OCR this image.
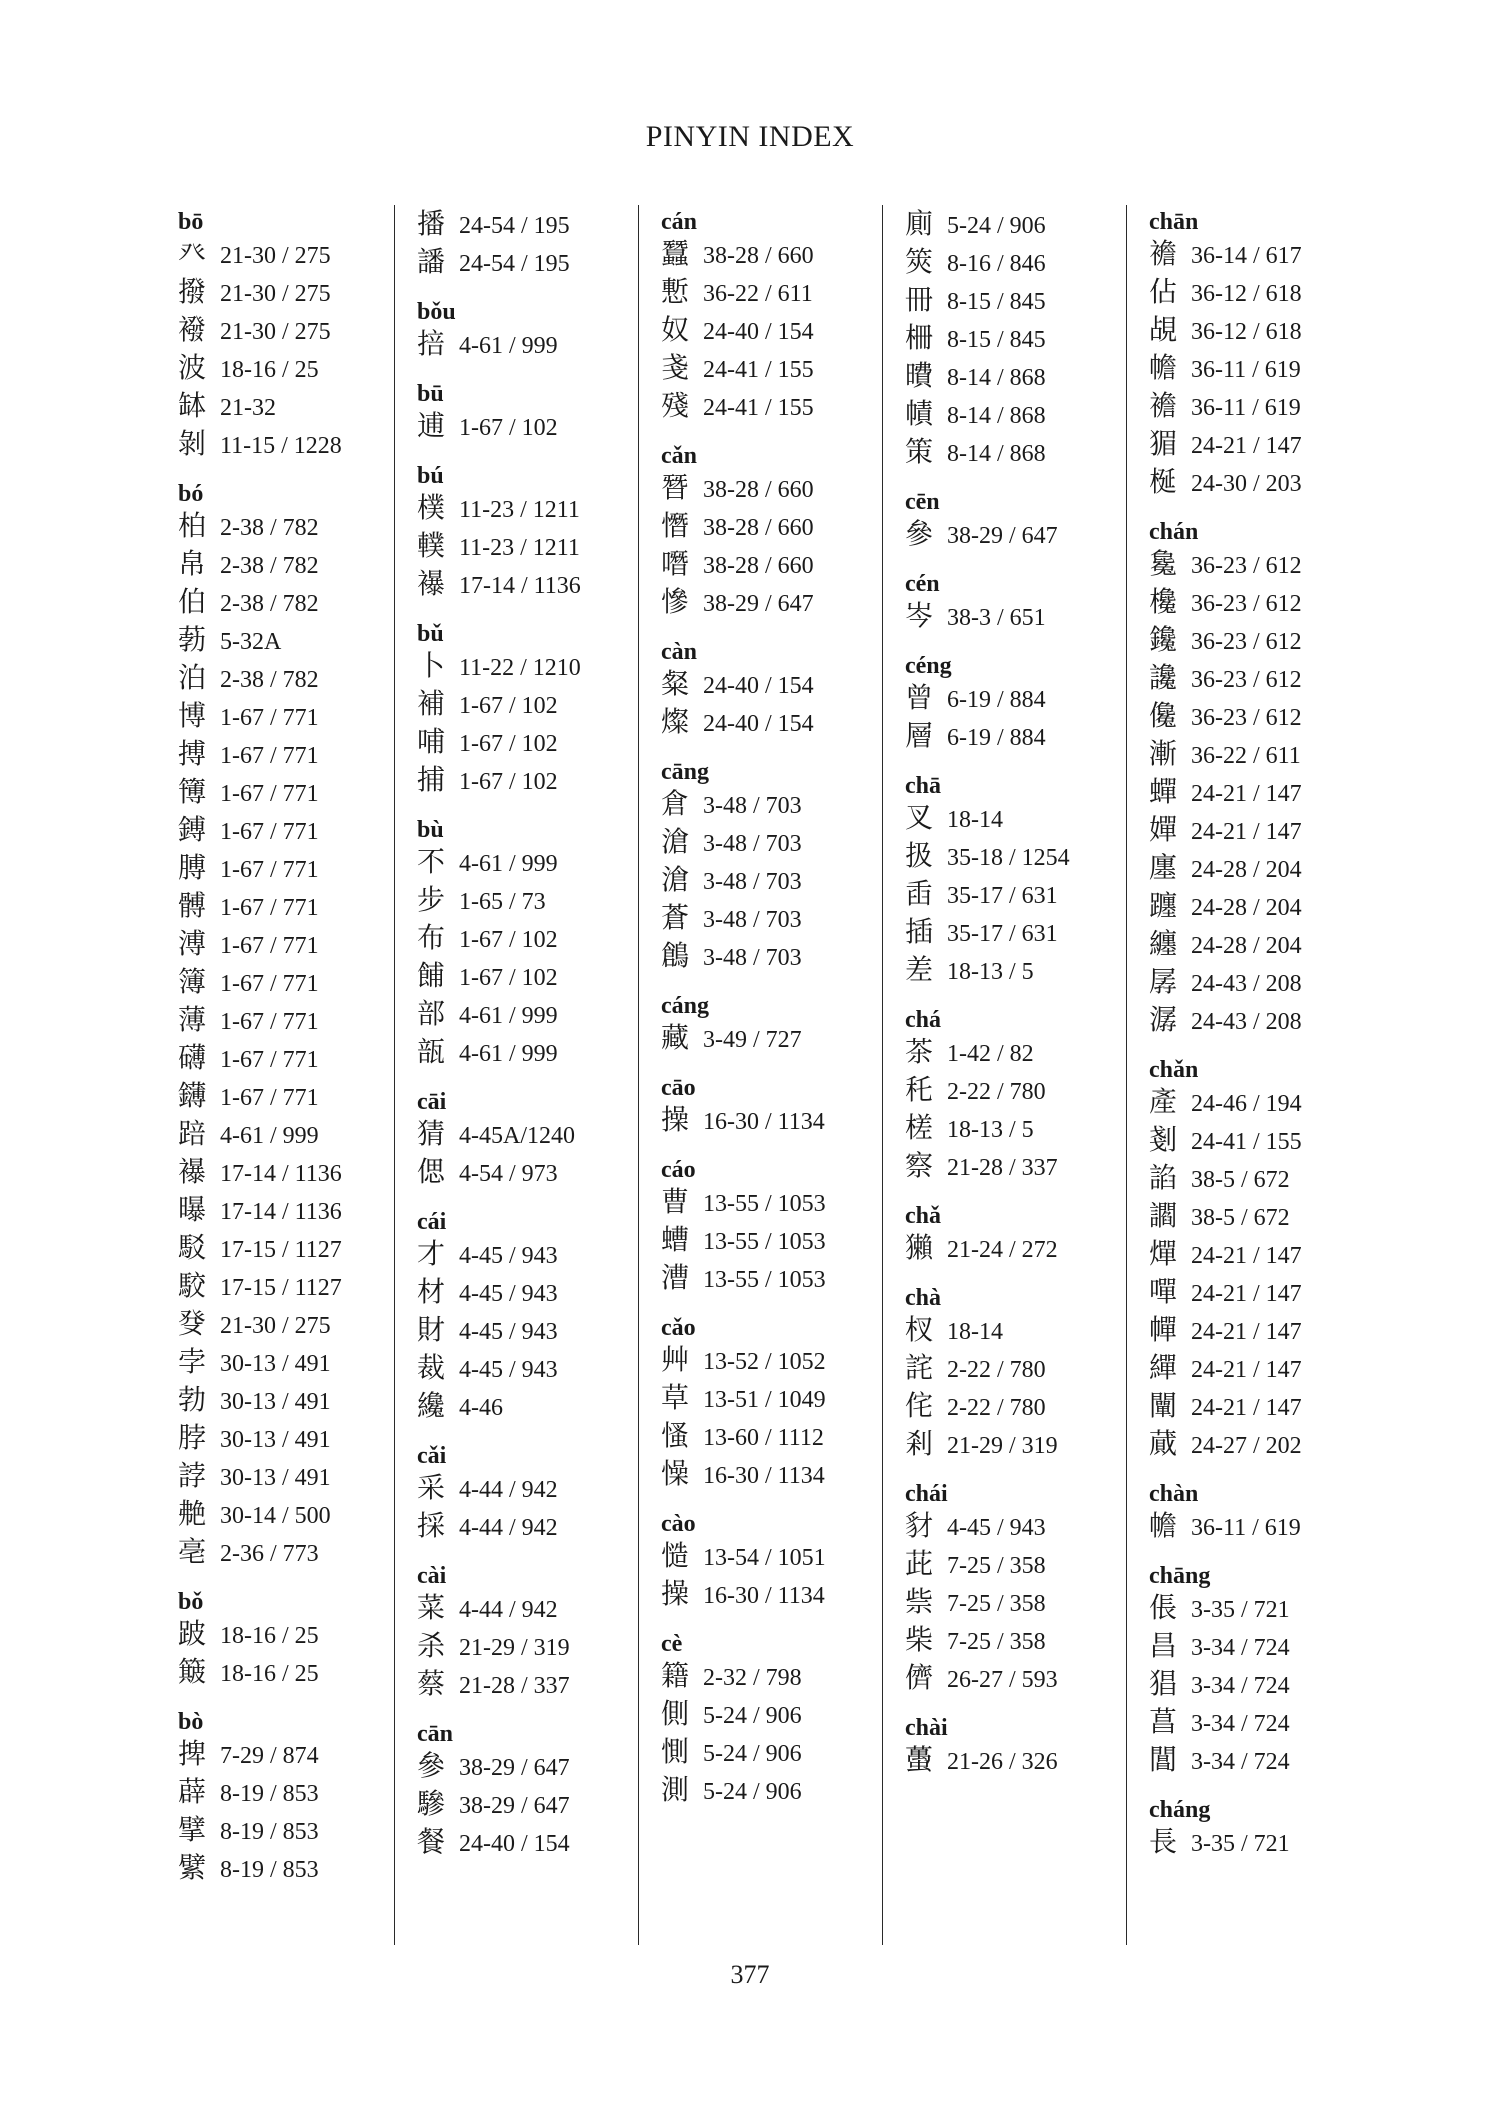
PINYIN INDEX
bō
癶 21-30 / 275
撥 21-30 / 275
襏 21-30 / 275
波 18-16 / 25
缽 21-32
剝 11-15 / 1228
bó
柏 2-38 / 782
帛 2-38 / 782
伯 2-38 / 782
葧 5-32A
泊 2-38 / 782
博 1-67 / 771
搏 1-67 / 771
簙 1-67 / 771
鎛 1-67 / 771
膊 1-67 / 771
髆 1-67 / 771
溥 1-67 / 771
簿 1-67 / 771
薄 1-67 / 771
礴 1-67 / 771
鑮 1-67 / 771
踣 4-61 / 999
襮 17-14 / 1136
曝 17-14 / 1136
駁 17-15 / 1127
駮 17-15 / 1127
癹 21-30 / 275
孛 30-13 / 491
勃 30-13 / 491
脖 30-13 / 491
誖 30-13 / 491
艴 30-14 / 500
亳 2-36 / 773
bǒ
跛 18-16 / 25
簸 18-16 / 25
bò
捭 7-29 / 874
薜 8-19 / 853
擘 8-19 / 853
繴 8-19 / 853
播 24-54 / 195
譒 24-54 / 195
bǒu
掊 4-61 / 999
bū
逋 1-67 / 102
bú
樸 11-23 / 1211
轐 11-23 / 1211
襮 17-14 / 1136
bǔ
卜 11-22 / 1210
補 1-67 / 102
哺 1-67 / 102
捕 1-67 / 102
bù
不 4-61 / 999
步 1-65 / 73
布 1-67 / 102
餔 1-67 / 102
部 4-61 / 999
瓿 4-61 / 999
cāi
猜 4-45A/1240
偲 4-54 / 973
cái
才 4-45 / 943
材 4-45 / 943
財 4-45 / 943
裁 4-45 / 943
纔 4-46
cǎi
采 4-44 / 942
採 4-44 / 942
cài
菜 4-44 / 942
杀 21-29 / 319
蔡 21-28 / 337
cān
參 38-29 / 647
驂 38-29 / 647
餐 24-40 / 154
cán
蠶 38-28 / 660
慙 36-22 / 611
奴 24-40 / 154
戔 24-41 / 155
殘 24-41 / 155
cǎn
朁 38-28 / 660
憯 38-28 / 660
噆 38-28 / 660
慘 38-29 / 647
càn
粲 24-40 / 154
燦 24-40 / 154
cāng
倉 3-48 / 703
滄 3-48 / 703
滄 3-48 / 703
蒼 3-48 / 703
鶬 3-48 / 703
cáng
藏 3-49 / 727
cāo
操 16-30 / 1134
cáo
曹 13-55 / 1053
螬 13-55 / 1053
漕 13-55 / 1053
cǎo
艸 13-52 / 1052
草 13-51 / 1049
慅 13-60 / 1112
懆 16-30 / 1134
cào
慥 13-54 / 1051
操 16-30 / 1134
cè
籍 2-32 / 798
側 5-24 / 906
惻 5-24 / 906
測 5-24 / 906
廁 5-24 / 906
筴 8-16 / 846
冊 8-15 / 845
柵 8-15 / 845
曊 8-14 / 868
幘 8-14 / 868
策 8-14 / 868
cēn
參 38-29 / 647
cén
岑 38-3 / 651
céng
曾 6-19 / 884
層 6-19 / 884
chā
叉 18-14
扱 35-18 / 1254
臿 35-17 / 631
插 35-17 / 631
差 18-13 / 5
chá
茶 1-42 / 82
秅 2-22 / 780
槎 18-13 / 5
察 21-28 / 337
chǎ
獺 21-24 / 272
chà
杈 18-14
詫 2-22 / 780
侘 2-22 / 780
剎 21-29 / 319
chái
豺 4-45 / 943
茈 7-25 / 358
祡 7-25 / 358
柴 7-25 / 358
儕 26-27 / 593
chài
蠆 21-26 / 326
chān
襜 36-14 / 617
佔 36-12 / 618
覘 36-12 / 618
幨 36-11 / 619
襜 36-11 / 619
猸 24-21 / 147
梴 24-30 / 203
chán
毚 36-23 / 612
欃 36-23 / 612
鑱 36-23 / 612
讒 36-23 / 612
儳 36-23 / 612
漸 36-22 / 611
蟬 24-21 / 147
嬋 24-21 / 147
廛 24-28 / 204
躔 24-28 / 204
纏 24-28 / 204
孱 24-43 / 208
潺 24-43 / 208
chǎn
產 24-46 / 194
剗 24-41 / 155
諂 38-5 / 672
讇 38-5 / 672
燀 24-21 / 147
嘽 24-21 / 147
幝 24-21 / 147
繟 24-21 / 147
闡 24-21 / 147
蕆 24-27 / 202
chàn
幨 36-11 / 619
chāng
倀 3-35 / 721
昌 3-34 / 724
猖 3-34 / 724
菖 3-34 / 724
閶 3-34 / 724
cháng
長 3-35 / 721
377
